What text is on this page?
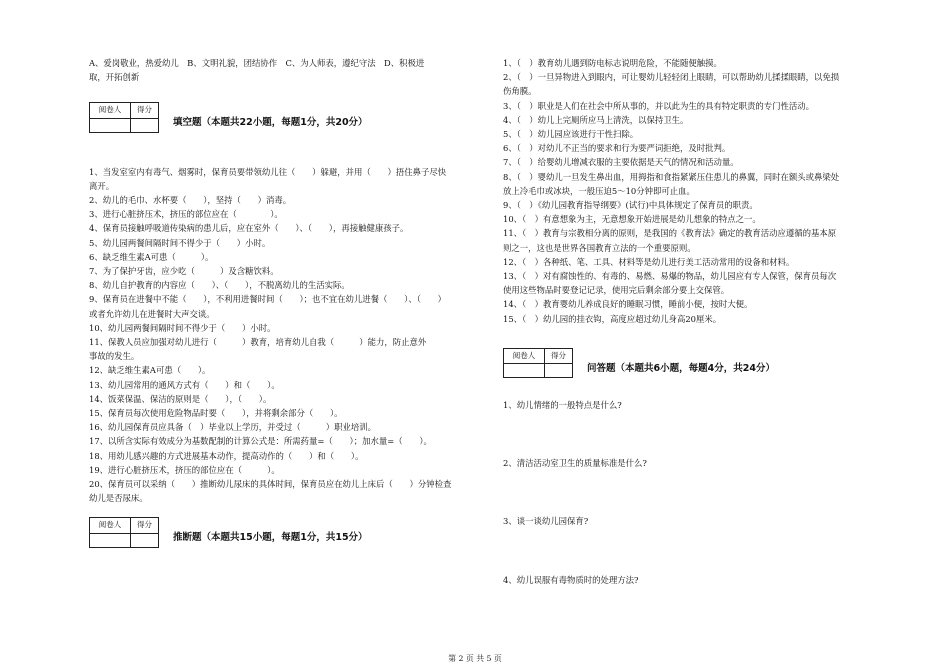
A、爱岗敬业，热爱幼儿　B、文明礼貌，团结协作　C、为人师表，遵纪守法　D、积极进
取，开拓创新
阅卷人	得分

填空题（本题共22小题，每题1分，共20分）
1、当发室室内有毒气、烟雾时，保育员要带领幼儿往（　　）躲避，并用（　　）捂住鼻子尽快
离开。
2、幼儿的毛巾、水杯要（　　），坚持（　　）消毒。
3、进行心脏挤压术，挤压的部位应在（　　　　）。
4、保育员接触呼吸道传染病的患儿后，应在室外（　　）、（　　），再接触健康孩子。
5、幼儿园两餐间隔时间不得少于（　　）小时。
6、缺乏维生素A可患（　　　）。
7、为了保护牙齿，应少吃（　　　）及含糖饮料。
8、幼儿自护教育的内容应（　　）、（　　），不脱离幼儿的生活实际。
9、保育员在进餐中不能（　　），不利用进餐时间（　　）；也不宜在幼儿进餐（　　）、（　　）
或者允许幼儿在进餐时大声交谈。
10、幼儿园两餐间隔时间不得少于（　　）小时。
11、保教人员应加强对幼儿进行（　　　）教育，培育幼儿自我（　　　）能力，防止意外
事故的发生。
12、缺乏维生素A可患（　　）。
13、幼儿园常用的通风方式有（　　）和（　　）。
14、饭菜保温、保洁的原则是（　　），（　　）。
15、保育员每次使用危险物品时要（　　），并将剩余部分（　　）。
16、幼儿园保育员应具备（　）毕业以上学历，并受过（　　　）职业培训。
17、以所含实际有效成分为基数配制的计算公式是：所需药量=（　　）；加水量=（　　）。
18、用幼儿感兴趣的方式进展基本动作，提高动作的（　　）和（　　）。
19、进行心脏挤压术，挤压的部位应在（　　　）。
20、保育员可以采纳（　　）推断幼儿尿床的具体时间，保育员应在幼儿上床后（　　）分钟检查
幼儿是否尿床。
阅卷人	得分

推断题（本题共15小题，每题1分，共15分）
1、（　）教育幼儿遇到防电标志说明危险，不能随便触摸。
2、（　）一旦异物进入到眼内，可让婴幼儿轻轻闭上眼睛，可以帮助幼儿揉揉眼睛，以免损
伤角膜。
3、（　）职业是人们在社会中所从事的，并以此为生的具有特定职责的专门性活动。
4、（　）幼儿上完厕所应马上清洗，以保持卫生。
5、（　）幼儿园应该进行干性扫除。
6、（　）对幼儿不正当的要求和行为要严词拒绝，及时批判。
7、（　）给婴幼儿增减衣服的主要依据是天气的情况和活动量。
8、（　）婴幼儿一旦发生鼻出血，用拇指和食指紧紧压住患儿的鼻翼，同时在额头或鼻梁处
放上冷毛巾或冰块，一般压迫5～10分钟即可止血。
9、（　）《幼儿园教育指导纲要》(试行)中具体规定了保育员的职责。
10、（　）有意想象为主，无意想象开始进展是幼儿想象的特点之一。
11、（　）教育与宗教相分离的原则，是我国的《教育法》确定的教育活动应遵循的基本原
则之一，这也是世界各国教育立法的一个重要原则。
12、（　）各种纸、笔、工具、材料等是幼儿进行美工活动常用的设备和材料。
13、（　）对有腐蚀性的、有毒的、易燃、易爆的物品，幼儿园应有专人保管，保育员每次
使用这些物品时要登记记录，使用完后剩余部分要上交保管。
14、（　）教育婴幼儿养成良好的睡眠习惯，睡前小便，按时大便。
15、（　）幼儿园的挂衣钩，高度应超过幼儿身高20厘米。
阅卷人	得分

问答题（本题共6小题，每题4分，共24分）
1、幼儿情绪的一般特点是什么?
2、清洁活动室卫生的质量标准是什么?
3、谈一谈幼儿园保育?
4、幼儿误服有毒物质时的处理方法?
第 2 页 共 5 页
